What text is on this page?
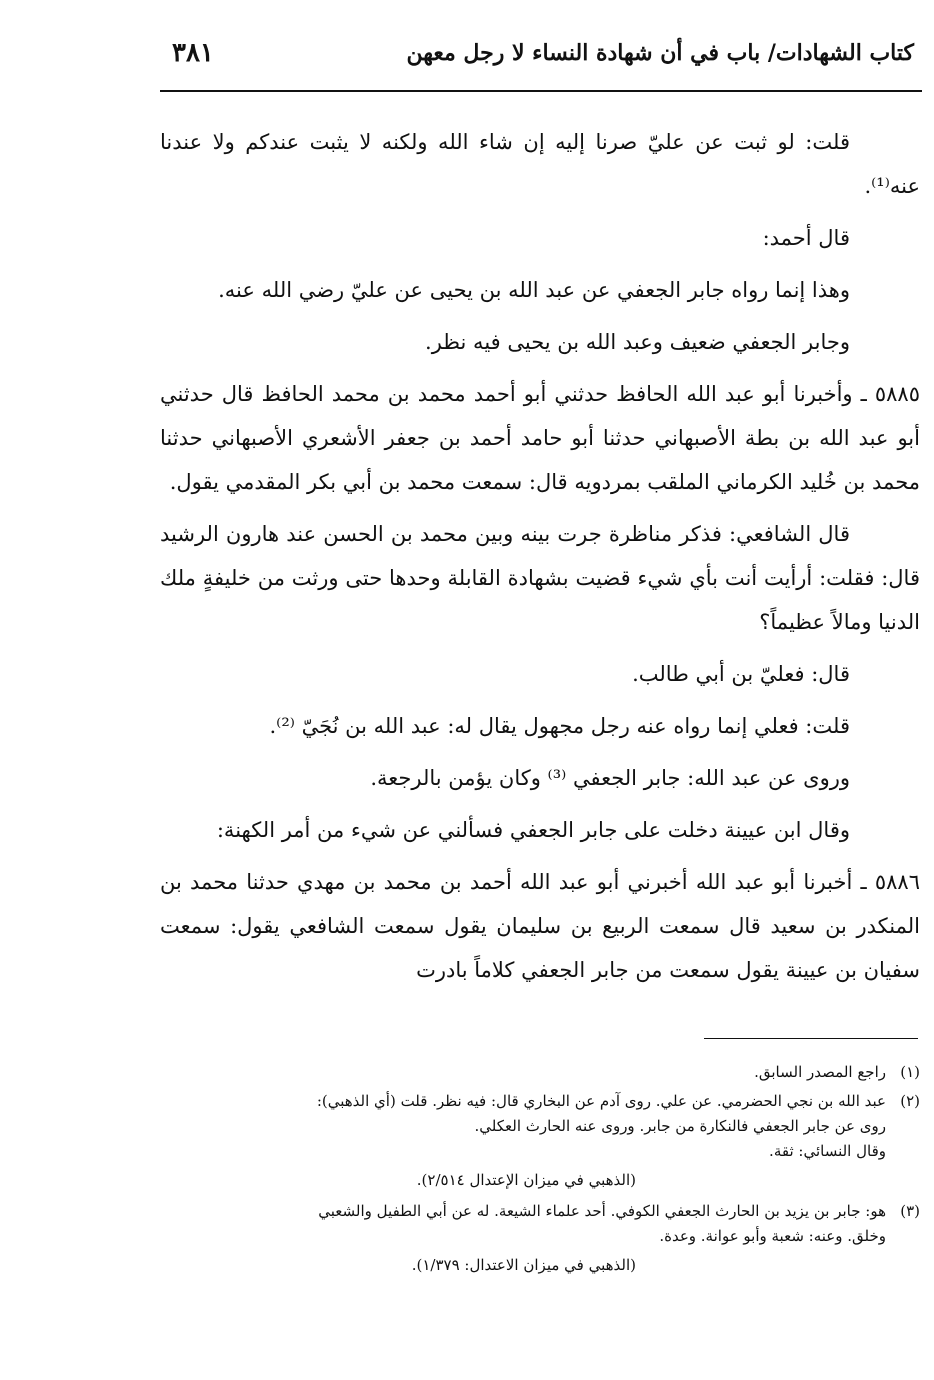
كتاب الشهادات/ باب في أن شهادة النساء لا رجل معهن
٣٨١

قلت: لو ثبت عن عليّ صرنا إليه إن شاء الله ولكنه لا يثبت عندكم ولا عندنا عنه⁽¹⁾.

قال أحمد:

وهذا إنما رواه جابر الجعفي عن عبد الله بن يحيى عن عليّ رضي الله عنه.

وجابر الجعفي ضعيف وعبد الله بن يحيى فيه نظر.

٥٨٨٥ ـ وأخبرنا أبو عبد الله الحافظ حدثني أبو أحمد محمد بن محمد الحافظ قال حدثني أبو عبد الله بن بطة الأصبهاني حدثنا أبو حامد أحمد بن جعفر الأشعري الأصبهاني حدثنا محمد بن خُليد الكرماني الملقب بمردويه قال: سمعت محمد بن أبي بكر المقدمي يقول.

قال الشافعي: فذكر مناظرة جرت بينه وبين محمد بن الحسن عند هارون الرشيد قال: فقلت: أرأيت أنت بأي شيء قضيت بشهادة القابلة وحدها حتى ورثت من خليفةٍ ملك الدنيا ومالاً عظيماً؟

قال: فعليّ بن أبي طالب.

قلت: فعلي إنما رواه عنه رجل مجهول يقال له: عبد الله بن نُجَيّ ⁽²⁾.

وروى عن عبد الله: جابر الجعفي ⁽³⁾ وكان يؤمن بالرجعة.

وقال ابن عيينة دخلت على جابر الجعفي فسألني عن شيء من أمر الكهنة:

٥٨٨٦ ـ أخبرنا أبو عبد الله أخبرني أبو عبد الله أحمد بن محمد بن مهدي حدثنا محمد بن المنكدر بن سعيد قال سمعت الربيع بن سليمان يقول سمعت الشافعي يقول: سمعت سفيان بن عيينة يقول سمعت من جابر الجعفي كلاماً بادرت

(١)راجع المصدر السابق.
(٢)عبد الله بن نجي الحضرمي. عن علي. روى آدم عن البخاري قال: فيه نظر. قلت (أي الذهبي):

روى عن جابر الجعفي فالنكارة من جابر. وروى عنه الحارث العكلي.

وقال النسائي: ثقة.

(الذهبي في ميزان الإعتدال ٢/٥١٤).

(٣)هو: جابر بن يزيد بن الحارث الجعفي الكوفي. أحد علماء الشيعة. له عن أبي الطفيل والشعبي

وخلق. وعنه: شعبة وأبو عوانة. وعدة.

(الذهبي في ميزان الاعتدال: ١/٣٧٩).
